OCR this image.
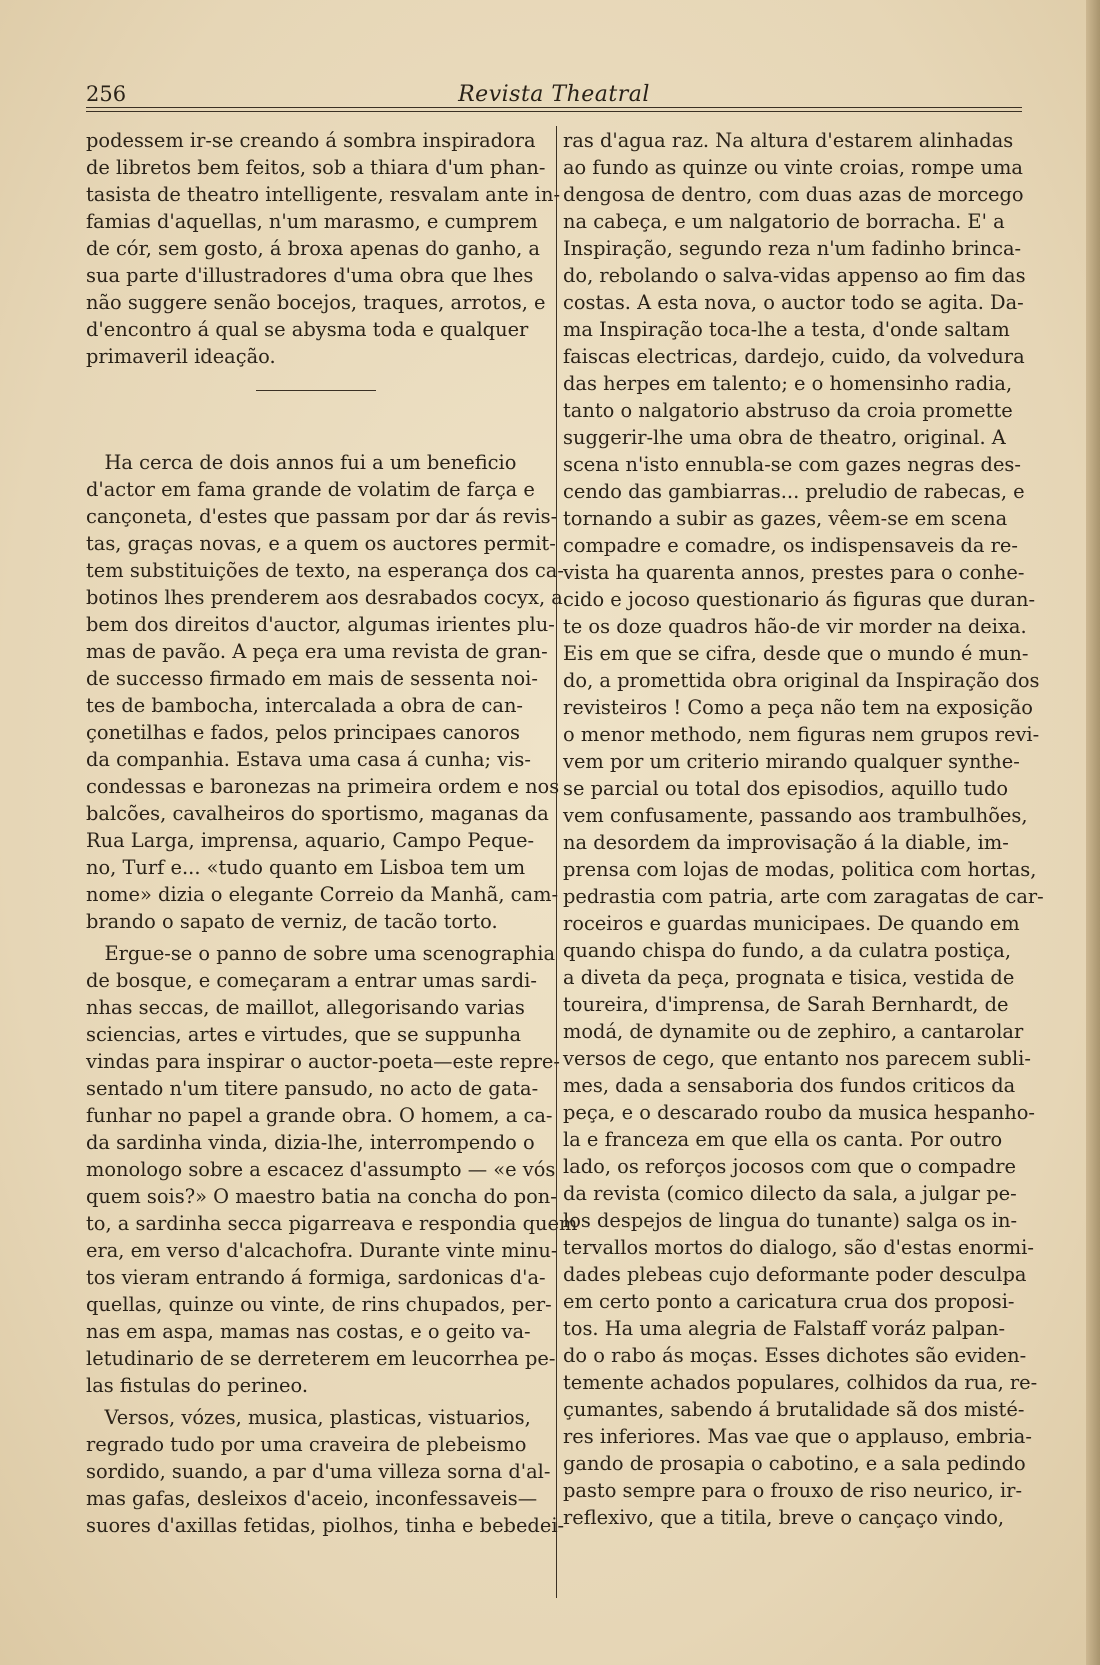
256	Revista Theatral
podessem ir-se creando á sombra inspiradora
de libretos bem feitos, sob a thiara d'um phan-
tasista de theatro intelligente, resvalam ante in-
famias d'aquellas, n'um marasmo, e cumprem
de cór, sem gosto, á broxa apenas do ganho, a
sua parte d'illustradores d'uma obra que lhes
não suggere senão bocejos, traques, arrotos, e
d'encontro á qual se abysma toda e qualquer
primaveril ideação.
Ha cerca de dois annos fui a um beneficio
d'actor em fama grande de volatim de farça e
cançoneta, d'estes que passam por dar ás revis-
tas, graças novas, e a quem os auctores permit-
tem substituições de texto, na esperança dos ca-
botinos lhes prenderem aos desrabados cocyx, a
bem dos direitos d'auctor, algumas irientes plu-
mas de pavão. A peça era uma revista de gran-
de successo firmado em mais de sessenta noi-
tes de bambocha, intercalada a obra de can-
çonetilhas e fados, pelos principaes canoros
da companhia. Estava uma casa á cunha; vis-
condessas e baronezas na primeira ordem e nos
balcões, cavalheiros do sportismo, maganas da
Rua Larga, imprensa, aquario, Campo Peque-
no, Turf e... «tudo quanto em Lisboa tem um
nome» dizia o elegante Correio da Manhã, cam-
brando o sapato de verniz, de tacão torto.
Ergue-se o panno de sobre uma scenographia
de bosque, e começaram a entrar umas sardi-
nhas seccas, de maillot, allegorisando varias
sciencias, artes e virtudes, que se suppunha
vindas para inspirar o auctor-poeta—este repre-
sentado n'um titere pansudo, no acto de gata-
funhar no papel a grande obra. O homem, a ca-
da sardinha vinda, dizia-lhe, interrompendo o
monologo sobre a escacez d'assumpto — «e vós
quem sois?» O maestro batia na concha do pon-
to, a sardinha secca pigarreava e respondia quem
era, em verso d'alcachofra. Durante vinte minu-
tos vieram entrando á formiga, sardonicas d'a-
quellas, quinze ou vinte, de rins chupados, per-
nas em aspa, mamas nas costas, e o geito va-
letudinario de se derreterem em leucorrhea pe-
las fistulas do perineo.
Versos, vózes, musica, plasticas, vistuarios,
regrado tudo por uma craveira de plebeismo
sordido, suando, a par d'uma villeza sorna d'al-
mas gafas, desleixos d'aceio, inconfessaveis—
suores d'axillas fetidas, piolhos, tinha e bebedei-
ras d'agua raz. Na altura d'estarem alinhadas
ao fundo as quinze ou vinte croias, rompe uma
dengosa de dentro, com duas azas de morcego
na cabeça, e um nalgatorio de borracha. E' a
Inspiração, segundo reza n'um fadinho brinca-
do, rebolando o salva-vidas appenso ao fim das
costas. A esta nova, o auctor todo se agita. Da-
ma Inspiração toca-lhe a testa, d'onde saltam
faiscas electricas, dardejo, cuido, da volvedura
das herpes em talento; e o homensinho radia,
tanto o nalgatorio abstruso da croia promette
suggerir-lhe uma obra de theatro, original. A
scena n'isto ennubla-se com gazes negras des-
cendo das gambiarras... preludio de rabecas, e
tornando a subir as gazes, vêem-se em scena
compadre e comadre, os indispensaveis da re-
vista ha quarenta annos, prestes para o conhe-
cido e jocoso questionario ás figuras que duran-
te os doze quadros hão-de vir morder na deixa.
Eis em que se cifra, desde que o mundo é mun-
do, a promettida obra original da Inspiração dos
revisteiros ! Como a peça não tem na exposição
o menor methodo, nem figuras nem grupos revi-
vem por um criterio mirando qualquer synthe-
se parcial ou total dos episodios, aquillo tudo
vem confusamente, passando aos trambulhões,
na desordem da improvisação á la diable, im-
prensa com lojas de modas, politica com hortas,
pedrastia com patria, arte com zaragatas de car-
roceiros e guardas municipaes. De quando em
quando chispa do fundo, a da culatra postiça,
a diveta da peça, prognata e tisica, vestida de
toureira, d'imprensa, de Sarah Bernhardt, de
modá, de dynamite ou de zephiro, a cantarolar
versos de cego, que entanto nos parecem subli-
mes, dada a sensaboria dos fundos criticos da
peça, e o descarado roubo da musica hespanho-
la e franceza em que ella os canta. Por outro
lado, os reforços jocosos com que o compadre
da revista (comico dilecto da sala, a julgar pe-
los despejos de lingua do tunante) salga os in-
tervallos mortos do dialogo, são d'estas enormi-
dades plebeas cujo deformante poder desculpa
em certo ponto a caricatura crua dos proposi-
tos. Ha uma alegria de Falstaff voráz palpan-
do o rabo ás moças. Esses dichotes são eviden-
temente achados populares, colhidos da rua, re-
çumantes, sabendo á brutalidade sã dos misté-
res inferiores. Mas vae que o applauso, embria-
gando de prosapia o cabotino, e a sala pedindo
pasto sempre para o frouxo de riso neurico, ir-
reflexivo, que a titila, breve o cançaço vindo,
